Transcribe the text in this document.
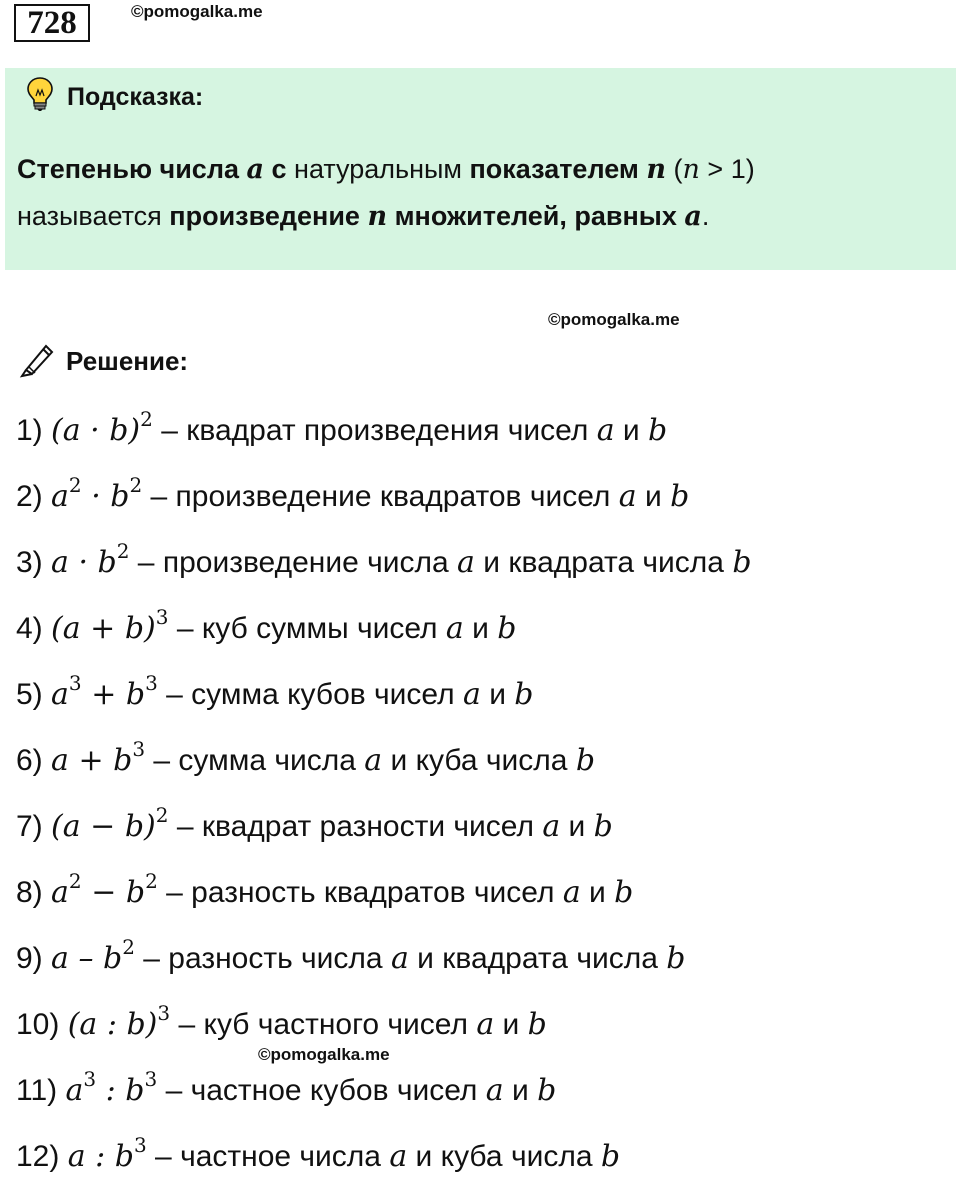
728	©pomogalka.me
Подсказка:
Степенью числа a с натуральным показателем n (n > 1)
называется произведение n множителей, равных a.
©pomogalka.me
Решение:
1) $(a \cdot b)^2$ – квадрат произведения чисел a и b
2) $a^2 \cdot b^2$ – произведение квадратов чисел a и b
3) $a \cdot b^2$ – произведение числа a и квадрата числа b
4) $(a + b)^3$ – куб суммы чисел a и b
5) $a^3 + b^3$ – сумма кубов чисел a и b
6) $a + b^3$ – сумма числа a и куба числа b
7) $(a - b)^2$ – квадрат разности чисел a и b
8) $a^2 - b^2$ – разность квадратов чисел a и b
9) a – $b^2$ – разность числа a и квадрата числа b
10) (a : b)$^3$ – куб частного чисел a и b
11) $a^3$ : $b^3$ – частное кубов чисел a и b
12) a : $b^3$ – частное числа a и куба числа b
©pomogalka.me
